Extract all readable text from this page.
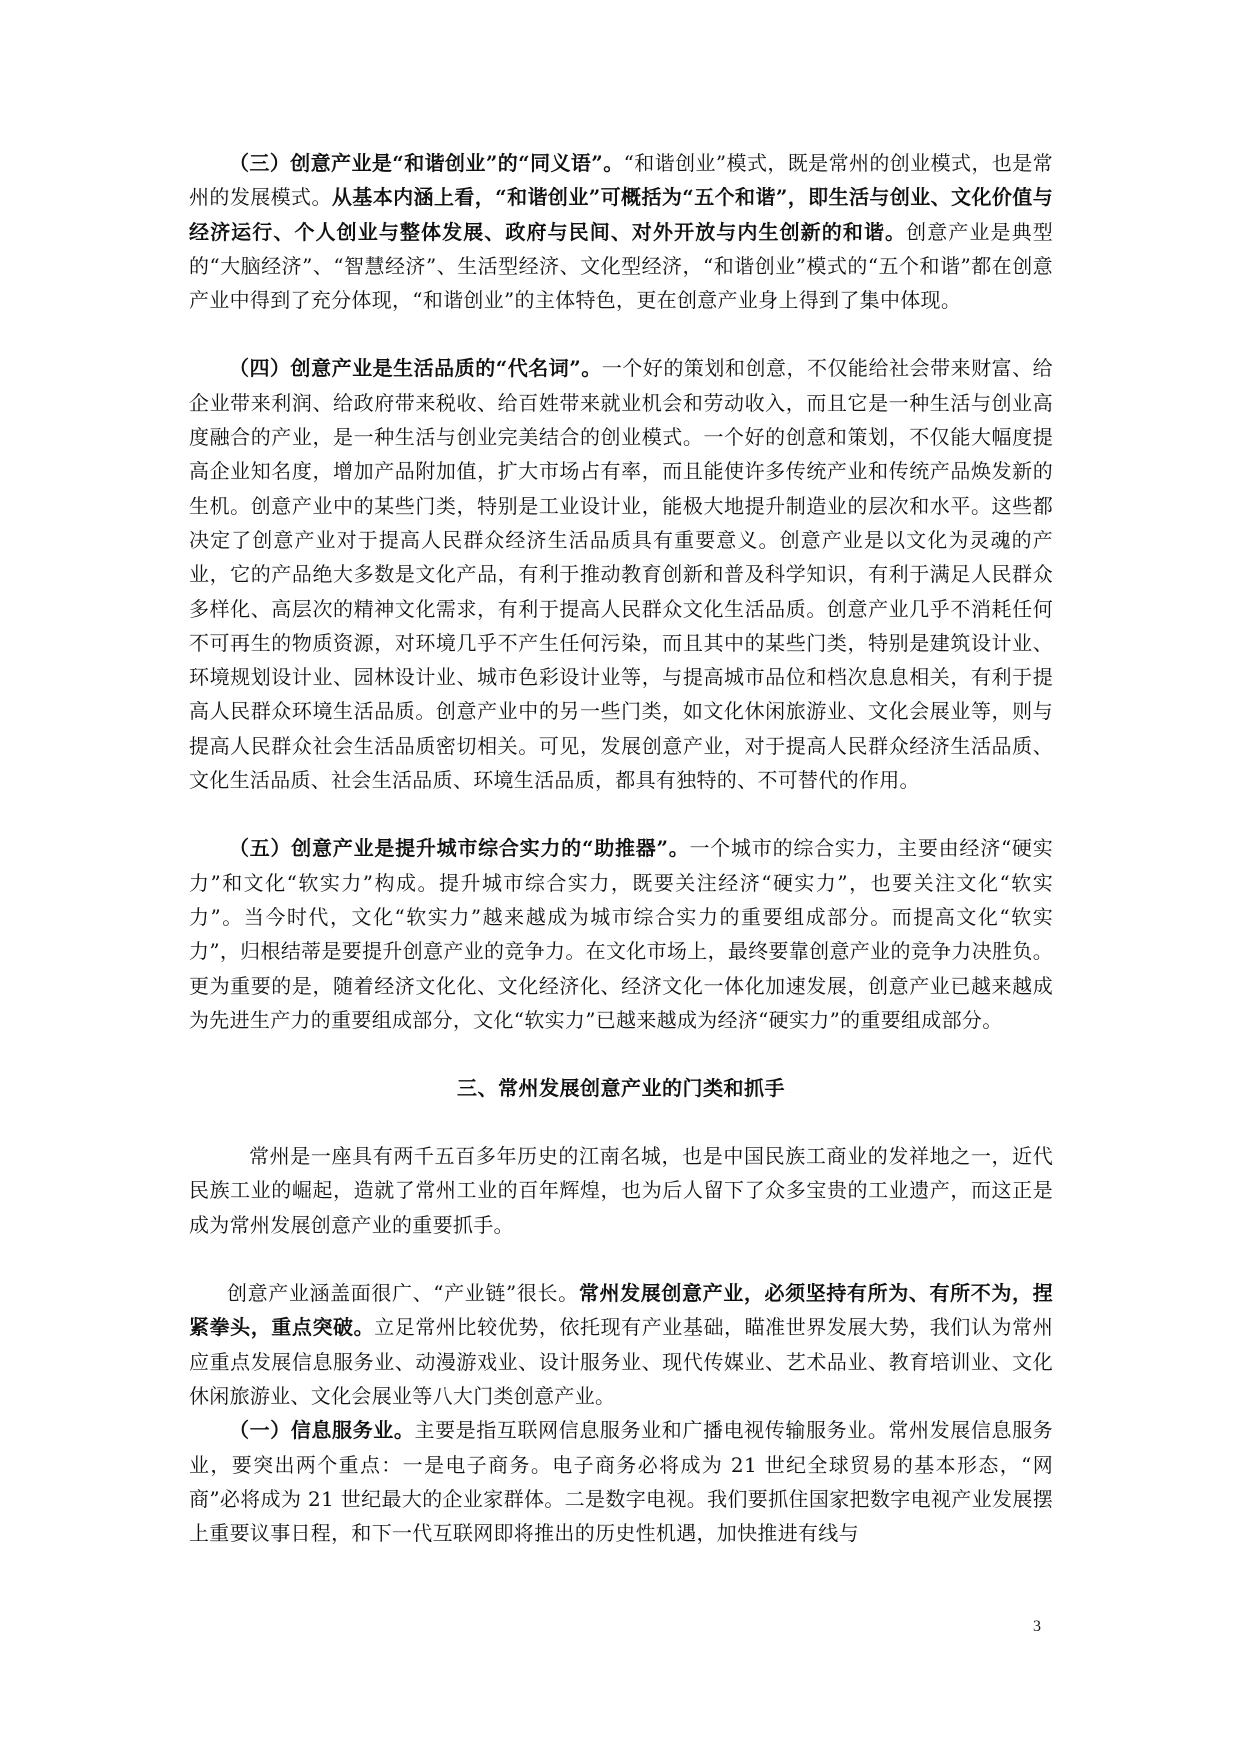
（三）创意产业是“和谐创业”的“同义语”。“和谐创业”模式，既是常州的创业模式，也是常州的发展模式。从基本内涵上看，“和谐创业”可概括为“五个和谐”，即生活与创业、文化价值与经济运行、个人创业与整体发展、政府与民间、对外开放与内生创新的和谐。创意产业是典型的“大脑经济”、“智慧经济”、生活型经济、文化型经济，“和谐创业”模式的“五个和谐”都在创意产业中得到了充分体现，“和谐创业”的主体特色，更在创意产业身上得到了集中体现。

（四）创意产业是生活品质的“代名词”。一个好的策划和创意，不仅能给社会带来财富、给企业带来利润、给政府带来税收、给百姓带来就业机会和劳动收入，而且它是一种生活与创业高度融合的产业，是一种生活与创业完美结合的创业模式。一个好的创意和策划，不仅能大幅度提高企业知名度，增加产品附加值，扩大市场占有率，而且能使许多传统产业和传统产品焕发新的生机。创意产业中的某些门类，特别是工业设计业，能极大地提升制造业的层次和水平。这些都决定了创意产业对于提高人民群众经济生活品质具有重要意义。创意产业是以文化为灵魂的产业，它的产品绝大多数是文化产品，有利于推动教育创新和普及科学知识，有利于满足人民群众多样化、高层次的精神文化需求，有利于提高人民群众文化生活品质。创意产业几乎不消耗任何不可再生的物质资源，对环境几乎不产生任何污染，而且其中的某些门类，特别是建筑设计业、环境规划设计业、园林设计业、城市色彩设计业等，与提高城市品位和档次息息相关，有利于提高人民群众环境生活品质。创意产业中的另一些门类，如文化休闲旅游业、文化会展业等，则与提高人民群众社会生活品质密切相关。可见，发展创意产业，对于提高人民群众经济生活品质、文化生活品质、社会生活品质、环境生活品质，都具有独特的、不可替代的作用。

（五）创意产业是提升城市综合实力的“助推器”。一个城市的综合实力，主要由经济“硬实力”和文化“软实力”构成。提升城市综合实力，既要关注经济“硬实力”，也要关注文化“软实力”。当今时代，文化“软实力”越来越成为城市综合实力的重要组成部分。而提高文化“软实力”，归根结蒂是要提升创意产业的竞争力。在文化市场上，最终要靠创意产业的竞争力决胜负。更为重要的是，随着经济文化化、文化经济化、经济文化一体化加速发展，创意产业已越来越成为先进生产力的重要组成部分，文化“软实力”已越来越成为经济“硬实力”的重要组成部分。

三、常州发展创意产业的门类和抓手

常州是一座具有两千五百多年历史的江南名城，也是中国民族工商业的发祥地之一，近代民族工业的崛起，造就了常州工业的百年辉煌，也为后人留下了众多宝贵的工业遗产，而这正是成为常州发展创意产业的重要抓手。

创意产业涵盖面很广、“产业链”很长。常州发展创意产业，必须坚持有所为、有所不为，捏紧拳头，重点突破。立足常州比较优势，依托现有产业基础，瞄准世界发展大势，我们认为常州应重点发展信息服务业、动漫游戏业、设计服务业、现代传媒业、艺术品业、教育培训业、文化休闲旅游业、文化会展业等八大门类创意产业。

（一）信息服务业。主要是指互联网信息服务业和广播电视传输服务业。常州发展信息服务业，要突出两个重点：一是电子商务。电子商务必将成为 21 世纪全球贸易的基本形态，“网商”必将成为 21 世纪最大的企业家群体。二是数字电视。我们要抓住国家把数字电视产业发展摆上重要议事日程，和下一代互联网即将推出的历史性机遇，加快推进有线与

3
